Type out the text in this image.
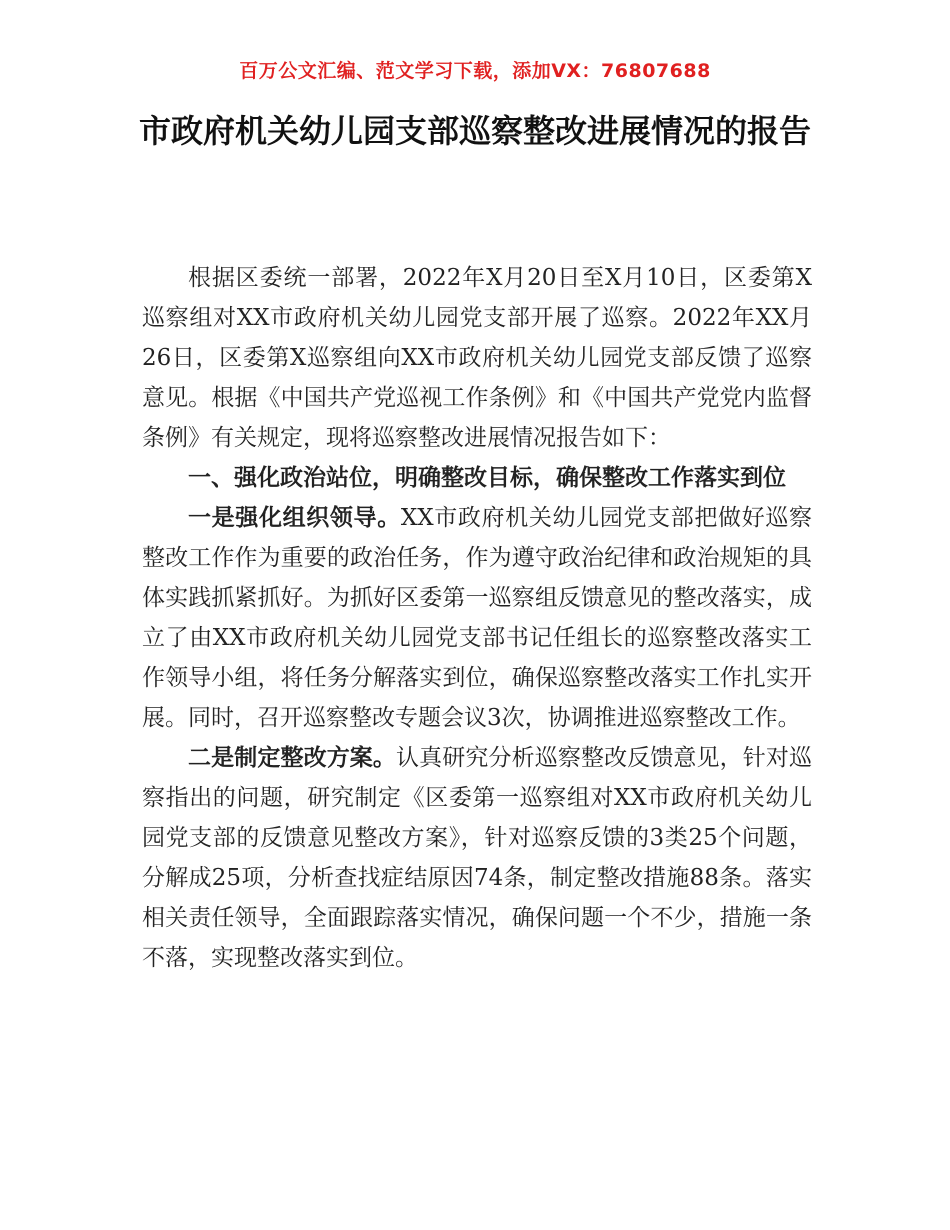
百万公文汇编、范文学习下载，添加VX：76807688
市政府机关幼儿园支部巡察整改进展情况的报告

根据区委统一部署，2022年X月20日至X月10日，区委第X巡察组对XX市政府机关幼儿园党支部开展了巡察。2022年XX月26日，区委第X巡察组向XX市政府机关幼儿园党支部反馈了巡察意见。根据《中国共产党巡视工作条例》和《中国共产党党内监督条例》有关规定，现将巡察整改进展情况报告如下：

一、强化政治站位，明确整改目标，确保整改工作落实到位

一是强化组织领导。XX市政府机关幼儿园党支部把做好巡察整改工作作为重要的政治任务，作为遵守政治纪律和政治规矩的具体实践抓紧抓好。为抓好区委第一巡察组反馈意见的整改落实，成立了由XX市政府机关幼儿园党支部书记任组长的巡察整改落实工作领导小组，将任务分解落实到位，确保巡察整改落实工作扎实开展。同时，召开巡察整改专题会议3次，协调推进巡察整改工作。

二是制定整改方案。认真研究分析巡察整改反馈意见，针对巡察指出的问题，研究制定《区委第一巡察组对XX市政府机关幼儿园党支部的反馈意见整改方案》，针对巡察反馈的3类25个问题，分解成25项，分析查找症结原因74条，制定整改措施88条。落实相关责任领导，全面跟踪落实情况，确保问题一个不少，措施一条不落，实现整改落实到位。
